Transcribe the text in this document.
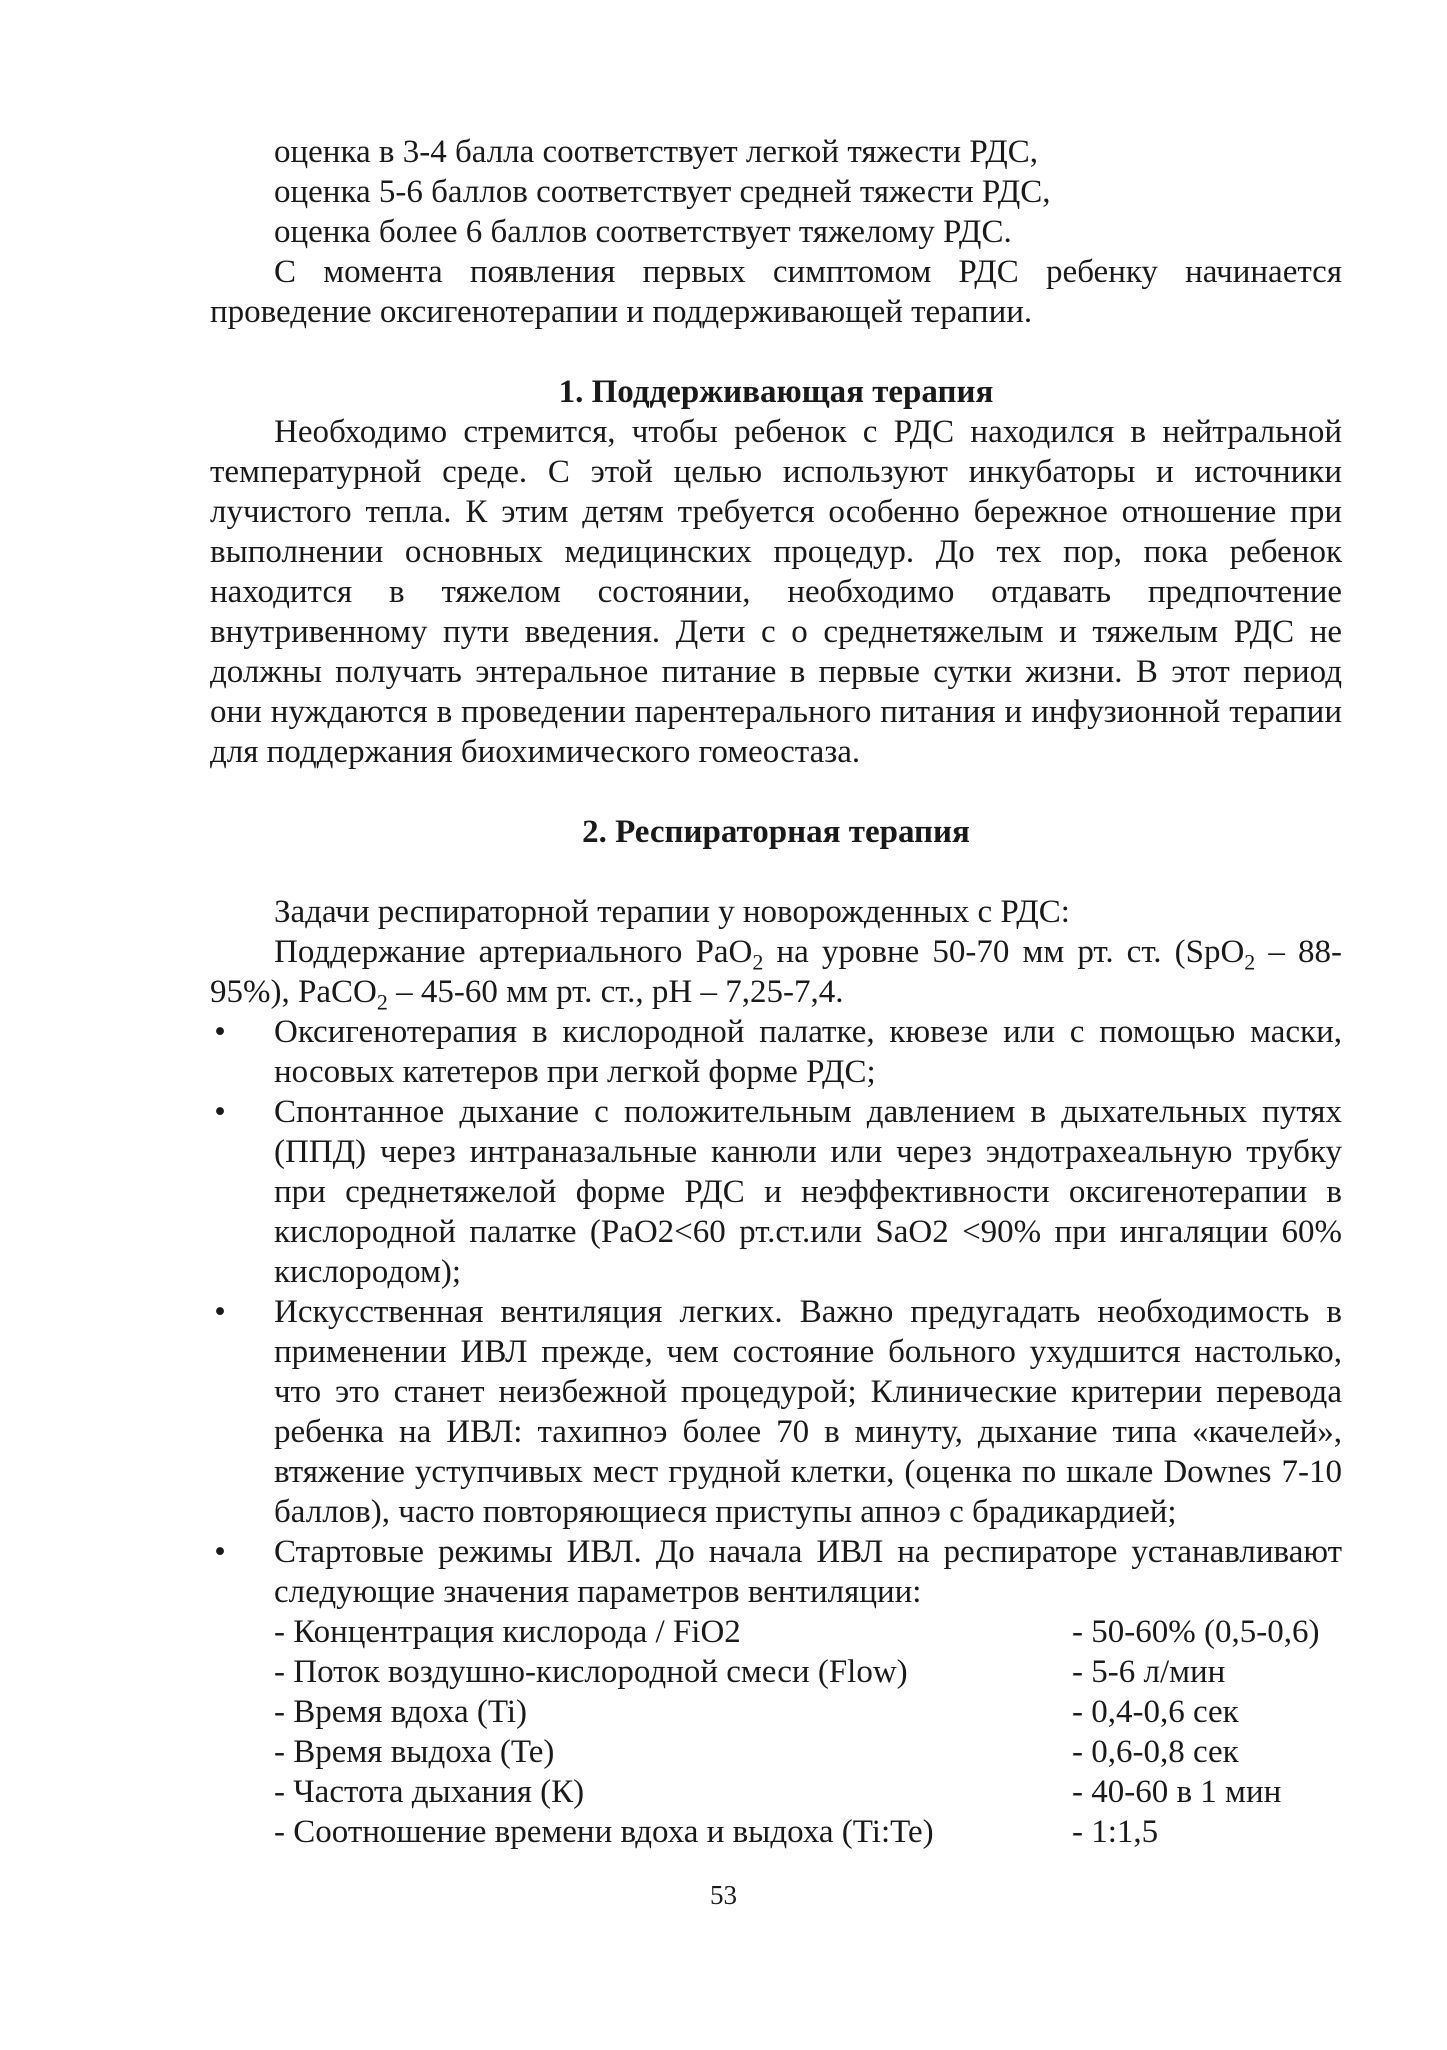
оценка в 3-4 балла соответствует легкой тяжести РДС,

оценка 5-6 баллов соответствует средней тяжести РДС,

оценка более 6 баллов соответствует тяжелому РДС.

С момента появления первых симптомом РДС ребенку начинается проведение оксигенотерапии и поддерживающей терапии.

1. Поддерживающая терапия

Необходимо стремится, чтобы ребенок с РДС находился в нейтральной температурной среде. С этой целью используют инкубаторы и источники лучистого тепла. К этим детям требуется особенно бережное отношение при выполнении основных медицинских процедур. До тех пор, пока ребенок находится в тяжелом состоянии, необходимо отдавать предпочтение внутривенному пути введения. Дети с о среднетяжелым и тяжелым РДС не должны получать энтеральное питание в первые сутки жизни. В этот период они нуждаются в проведении парентерального питания и инфузионной терапии для поддержания биохимического гомеостаза.

2. Респираторная терапия

Задачи респираторной терапии у новорожденных с РДС:

Поддержание артериального PaO$_2$ на уровне 50-70 мм рт. ст. (SpO$_2$ – 88-95%), PaCO$_2$ – 45-60 мм рт. ст., pH – 7,25-7,4.

• Оксигенотерапия в кислородной палатке, кювезе или с помощью маски, носовых катетеров при легкой форме РДС;
• Спонтанное дыхание с положительным давлением в дыхательных путях (ППД) через интраназальные канюли или через эндотрахеальную трубку при среднетяжелой форме РДС и неэффективности оксигенотерапии в кислородной палатке (PaO2<60 рт.ст.или SaO2 <90% при ингаляции 60% кислородом);
• Искусственная вентиляция легких. Важно предугадать необходимость в применении ИВЛ прежде, чем состояние больного ухудшится настолько, что это станет неизбежной процедурой; Клинические критерии перевода ребенка на ИВЛ: тахипноэ более 70 в минуту, дыхание типа «качелей», втяжение уступчивых мест грудной клетки, (оценка по шкале Downes 7-10 баллов), часто повторяющиеся приступы апноэ с брадикардией;
• Стартовые режимы ИВЛ. До начала ИВЛ на респираторе устанавливают следующие значения параметров вентиляции:
- Концентрация кислорода / FiO2	- 50-60% (0,5-0,6)
- Поток воздушно-кислородной смеси (Flow)	- 5-6 л/мин
- Время вдоха (Ti)	- 0,4-0,6 сек
- Время выдоха (Te)	- 0,6-0,8 сек
- Частота дыхания (К)	- 40-60 в 1 мин
- Соотношение времени вдоха и выдоха (Ti:Te)	- 1:1,5
53
